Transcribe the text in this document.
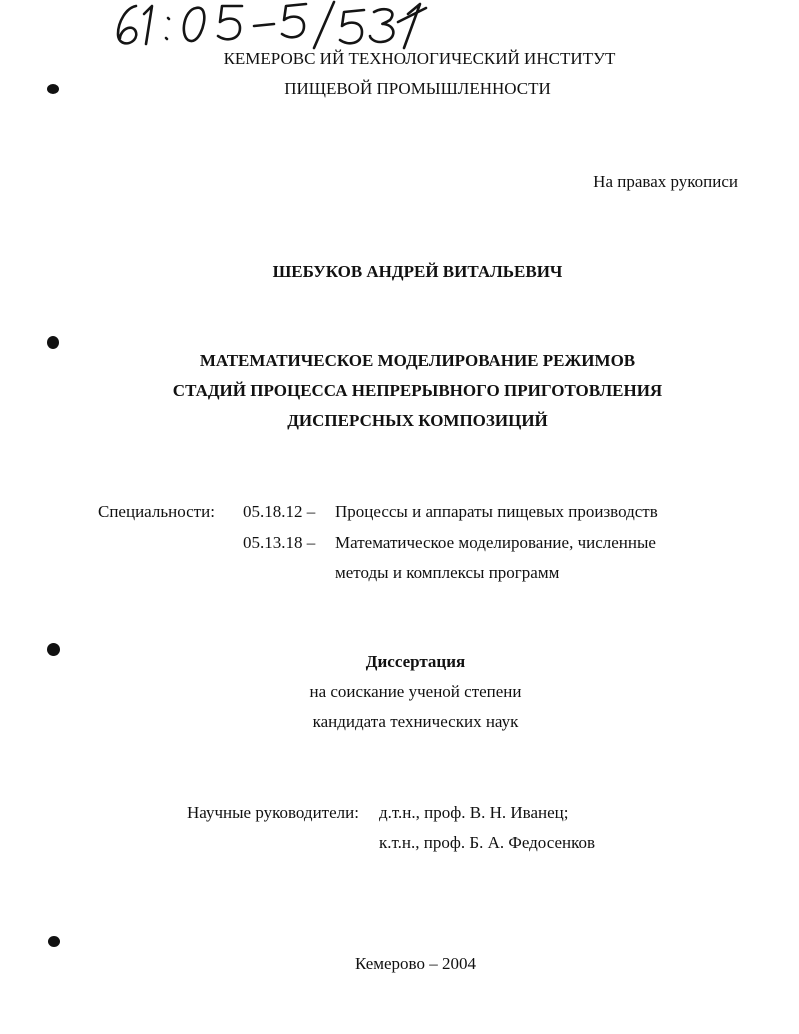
КЕМЕРОВС ИЙ ТЕХНОЛОГИЧЕСКИЙ ИНСТИТУТ
ПИЩЕВОЙ ПРОМЫШЛЕННОСТИ
На правах рукописи
ШЕБУКОВ АНДРЕЙ ВИТАЛЬЕВИЧ
МАТЕМАТИЧЕСКОЕ МОДЕЛИРОВАНИЕ РЕЖИМОВ
СТАДИЙ ПРОЦЕССА НЕПРЕРЫВНОГО ПРИГОТОВЛЕНИЯ
ДИСПЕРСНЫХ КОМПОЗИЦИЙ
Специальности: 05.18.12 – Процессы и аппараты пищевых производств
05.13.18 – Математическое моделирование, численные
методы и комплексы программ
Диссертация
на соискание ученой степени
кандидата технических наук
Научные руководители: д.т.н., проф. В. Н. Иванец;
к.т.н., проф. Б. А. Федосенков
Кемерово – 2004
